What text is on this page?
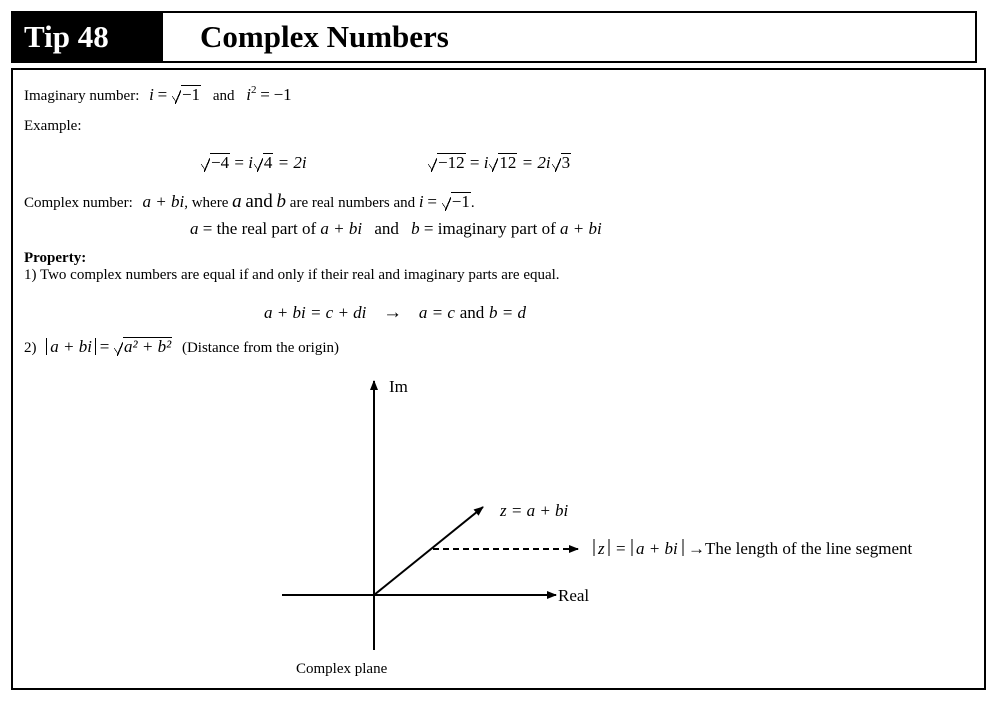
Tip 48	Complex Numbers
Imaginary number: i = −1 and $i^2 = -1$
Example:
−4 = i 4 = 2i	−12 = i 12 = 2i 3
Complex number: a + bi, where a and b are real numbers and i = −1.
a = the real part of a + bi and b = imaginary part of a + bi
Property:
1) Two complex numbers are equal if and only if their real and imaginary parts are equal.
a + bi = c + di → a = c and b = d
2) a + bi = a² + b² (Distance from the origin)
Im
Real
z = a + bi
z = a + bi → The length of the line segment
Complex plane
